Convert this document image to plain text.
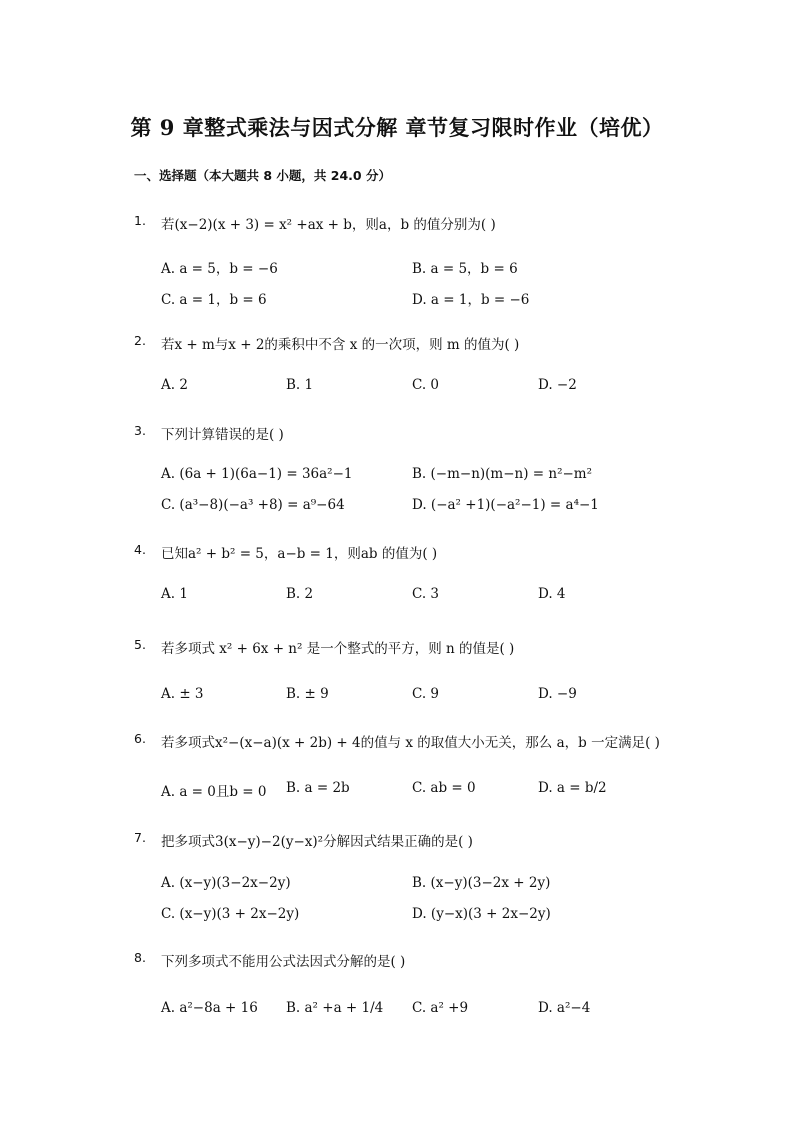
第 9 章整式乘法与因式分解 章节复习限时作业（培优）
一、选择题（本大题共 8 小题，共 24.0 分）
1. 若(x−2)(x + 3) = x² +ax + b，则a，b 的值分别为( )
A. a = 5，b = −6	B. a = 5，b = 6
C. a = 1，b = 6	D. a = 1，b = −6
2. 若x + m与x + 2的乘积中不含 x 的一次项，则 m 的值为( )
A. 2	B. 1	C. 0	D. −2
3. 下列计算错误的是( )
A. (6a + 1)(6a−1) = 36a²−1	B. (−m−n)(m−n) = n²−m²
C. (a³−8)(−a³ +8) = a⁹−64	D. (−a² +1)(−a²−1) = a⁴−1
4. 已知a² + b² = 5，a−b = 1，则ab 的值为( )
A. 1	B. 2	C. 3	D. 4
5. 若多项式 x² + 6x + n² 是一个整式的平方，则 n 的值是( )
A. ± 3	B. ± 9	C. 9	D. −9
6. 若多项式x²−(x−a)(x + 2b) + 4的值与 x 的取值大小无关，那么 a，b 一定满足( )
A. a = 0且b = 0 B. a = 2b	C. ab = 0	D. a = b/2
7. 把多项式3(x−y)−2(y−x)²分解因式结果正确的是( )
A. (x−y)(3−2x−2y)	B. (x−y)(3−2x + 2y)
C. (x−y)(3 + 2x−2y)	D. (y−x)(3 + 2x−2y)
8. 下列多项式不能用公式法因式分解的是( )
A. a²−8a + 16 B. a² +a + 1/4 C. a² +9	D. a²−4
